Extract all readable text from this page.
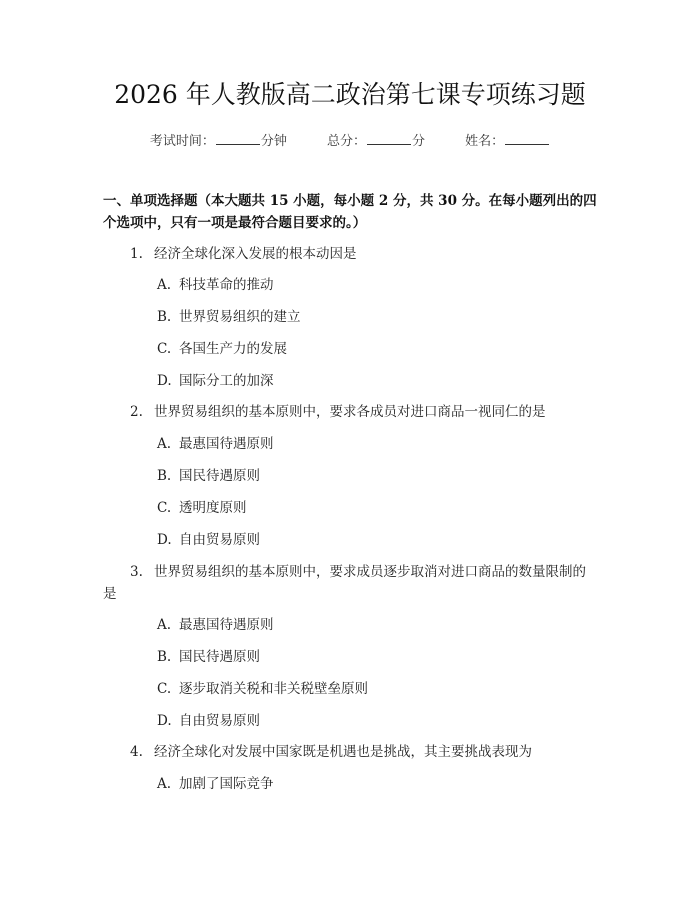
2026 年人教版高二政治第七课专项练习题
考试时间：	分钟	总分：	分	姓名：
一、单项选择题（本大题共 15 小题，每小题 2 分，共 30 分。在每小题列出的四个选项中，只有一项是最符合题目要求的。）
1. 经济全球化深入发展的根本动因是
A. 科技革命的推动
B. 世界贸易组织的建立
C. 各国生产力的发展
D. 国际分工的加深
2. 世界贸易组织的基本原则中，要求各成员对进口商品一视同仁的是
A. 最惠国待遇原则
B. 国民待遇原则
C. 透明度原则
D. 自由贸易原则
3. 世界贸易组织的基本原则中，要求成员逐步取消对进口商品的数量限制的
是
A. 最惠国待遇原则
B. 国民待遇原则
C. 逐步取消关税和非关税壁垒原则
D. 自由贸易原则
4. 经济全球化对发展中国家既是机遇也是挑战，其主要挑战表现为
A. 加剧了国际竞争
